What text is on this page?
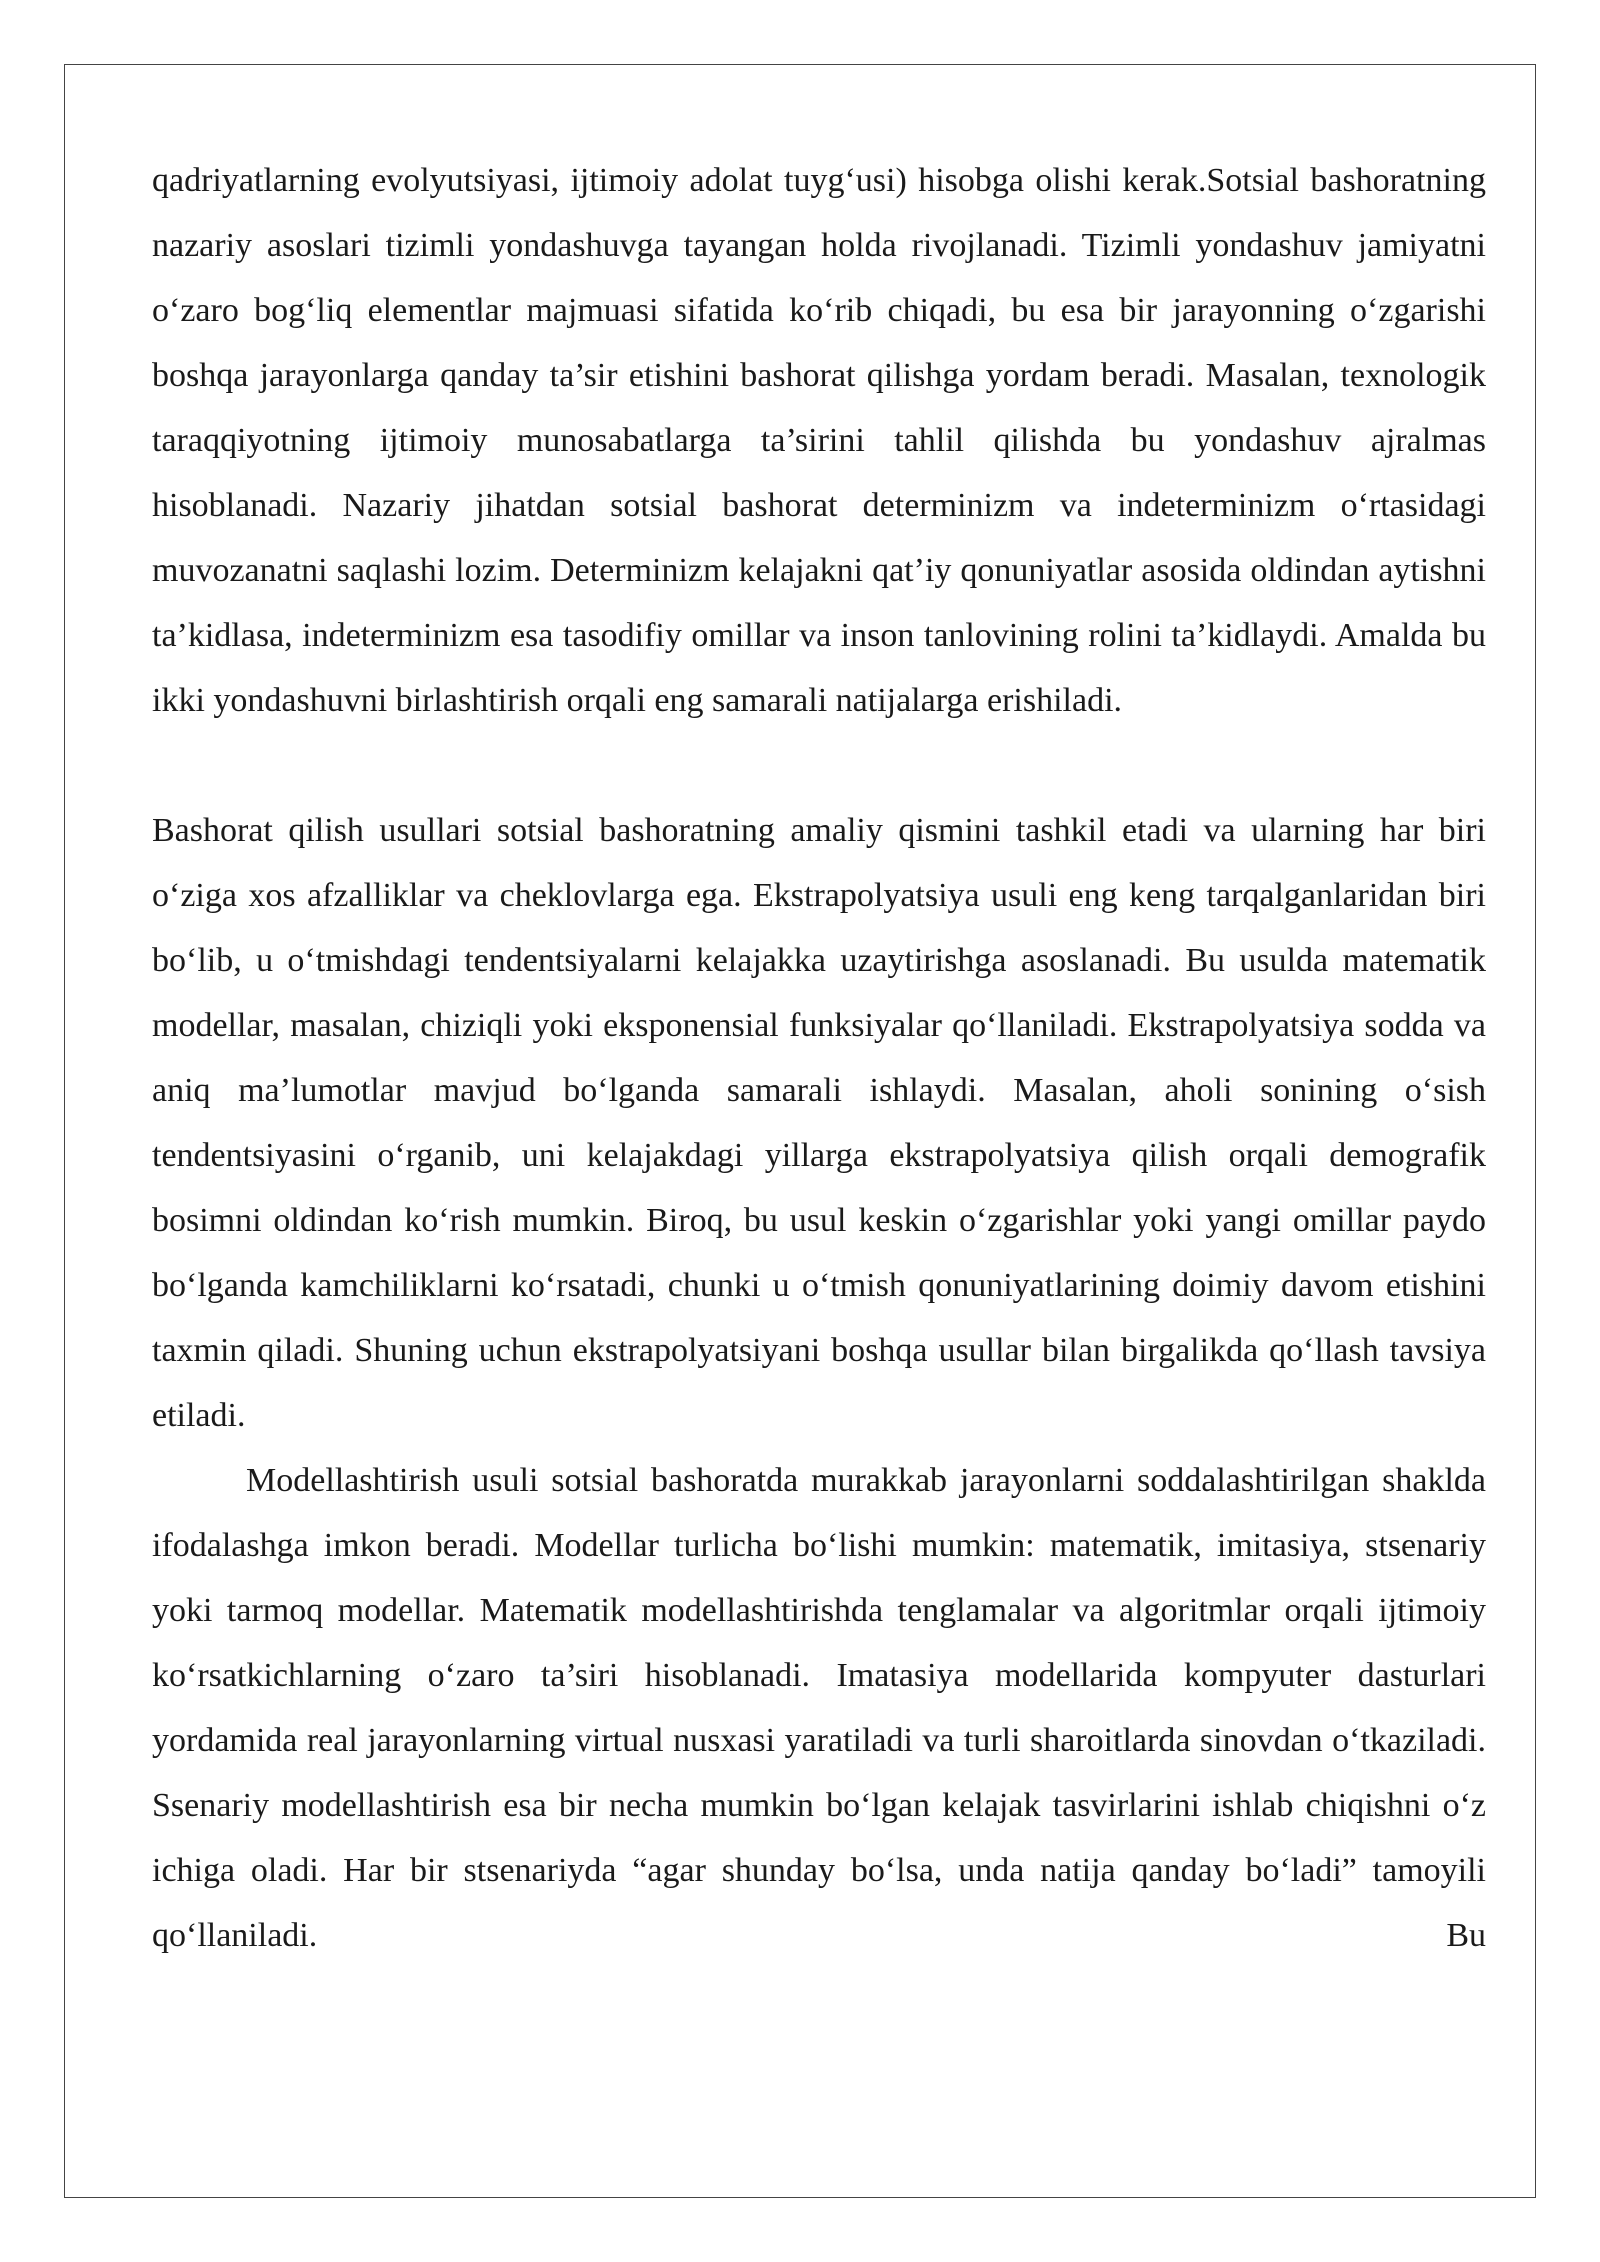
qadriyatlarning evolyutsiyasi, ijtimoiy adolat tuyg‘usi) hisobga olishi kerak.Sotsial bashoratning nazariy asoslari tizimli yondashuvga tayangan holda rivojlanadi. Tizimli yondashuv jamiyatni o‘zaro bog‘liq elementlar majmuasi sifatida ko‘rib chiqadi, bu esa bir jarayonning o‘zgarishi boshqa jarayonlarga qanday ta’sir etishini bashorat qilishga yordam beradi. Masalan, texnologik taraqqiyotning ijtimoiy munosabatlarga ta’sirini tahlil qilishda bu yondashuv ajralmas hisoblanadi. Nazariy jihatdan sotsial bashorat determinizm va indeterminizm o‘rtasidagi muvozanatni saqlashi lozim. Determinizm kelajakni qat’iy qonuniyatlar asosida oldindan aytishni ta’kidlasa, indeterminizm esa tasodifiy omillar va inson tanlovining rolini ta’kidlaydi. Amalda bu ikki yondashuvni birlashtirish orqali eng samarali natijalarga erishiladi.

Bashorat qilish usullari sotsial bashoratning amaliy qismini tashkil etadi va ularning har biri o‘ziga xos afzalliklar va cheklovlarga ega. Ekstrapolyatsiya usuli eng keng tarqalganlaridan biri bo‘lib, u o‘tmishdagi tendentsiyalarni kelajakka uzaytirishga asoslanadi. Bu usulda matematik modellar, masalan, chiziqli yoki eksponensial funksiyalar qo‘llaniladi. Ekstrapolyatsiya sodda va aniq ma’lumotlar mavjud bo‘lganda samarali ishlaydi. Masalan, aholi sonining o‘sish tendentsiyasini o‘rganib, uni kelajakdagi yillarga ekstrapolyatsiya qilish orqali demografik bosimni oldindan ko‘rish mumkin. Biroq, bu usul keskin o‘zgarishlar yoki yangi omillar paydo bo‘lganda kamchiliklarni ko‘rsatadi, chunki u o‘tmish qonuniyatlarining doimiy davom etishini taxmin qiladi. Shuning uchun ekstrapolyatsiyani boshqa usullar bilan birgalikda qo‘llash tavsiya etiladi.

Modellashtirish usuli sotsial bashoratda murakkab jarayonlarni soddalashtirilgan shaklda ifodalashga imkon beradi. Modellar turlicha bo‘lishi mumkin: matematik, imitasiya, stsenariy yoki tarmoq modellar. Matematik modellashtirishda tenglamalar va algoritmlar orqali ijtimoiy ko‘rsatkichlarning o‘zaro ta’siri hisoblanadi. Imatasiya modellarida kompyuter dasturlari yordamida real jarayonlarning virtual nusxasi yaratiladi va turli sharoitlarda sinovdan o‘tkaziladi. Ssenariy modellashtirish esa bir necha mumkin bo‘lgan kelajak tasvirlarini ishlab chiqishni o‘z ichiga oladi. Har bir stsenariyda “agar shunday bo‘lsa, unda natija qanday bo‘ladi” tamoyili qo‘llaniladi. Bu
